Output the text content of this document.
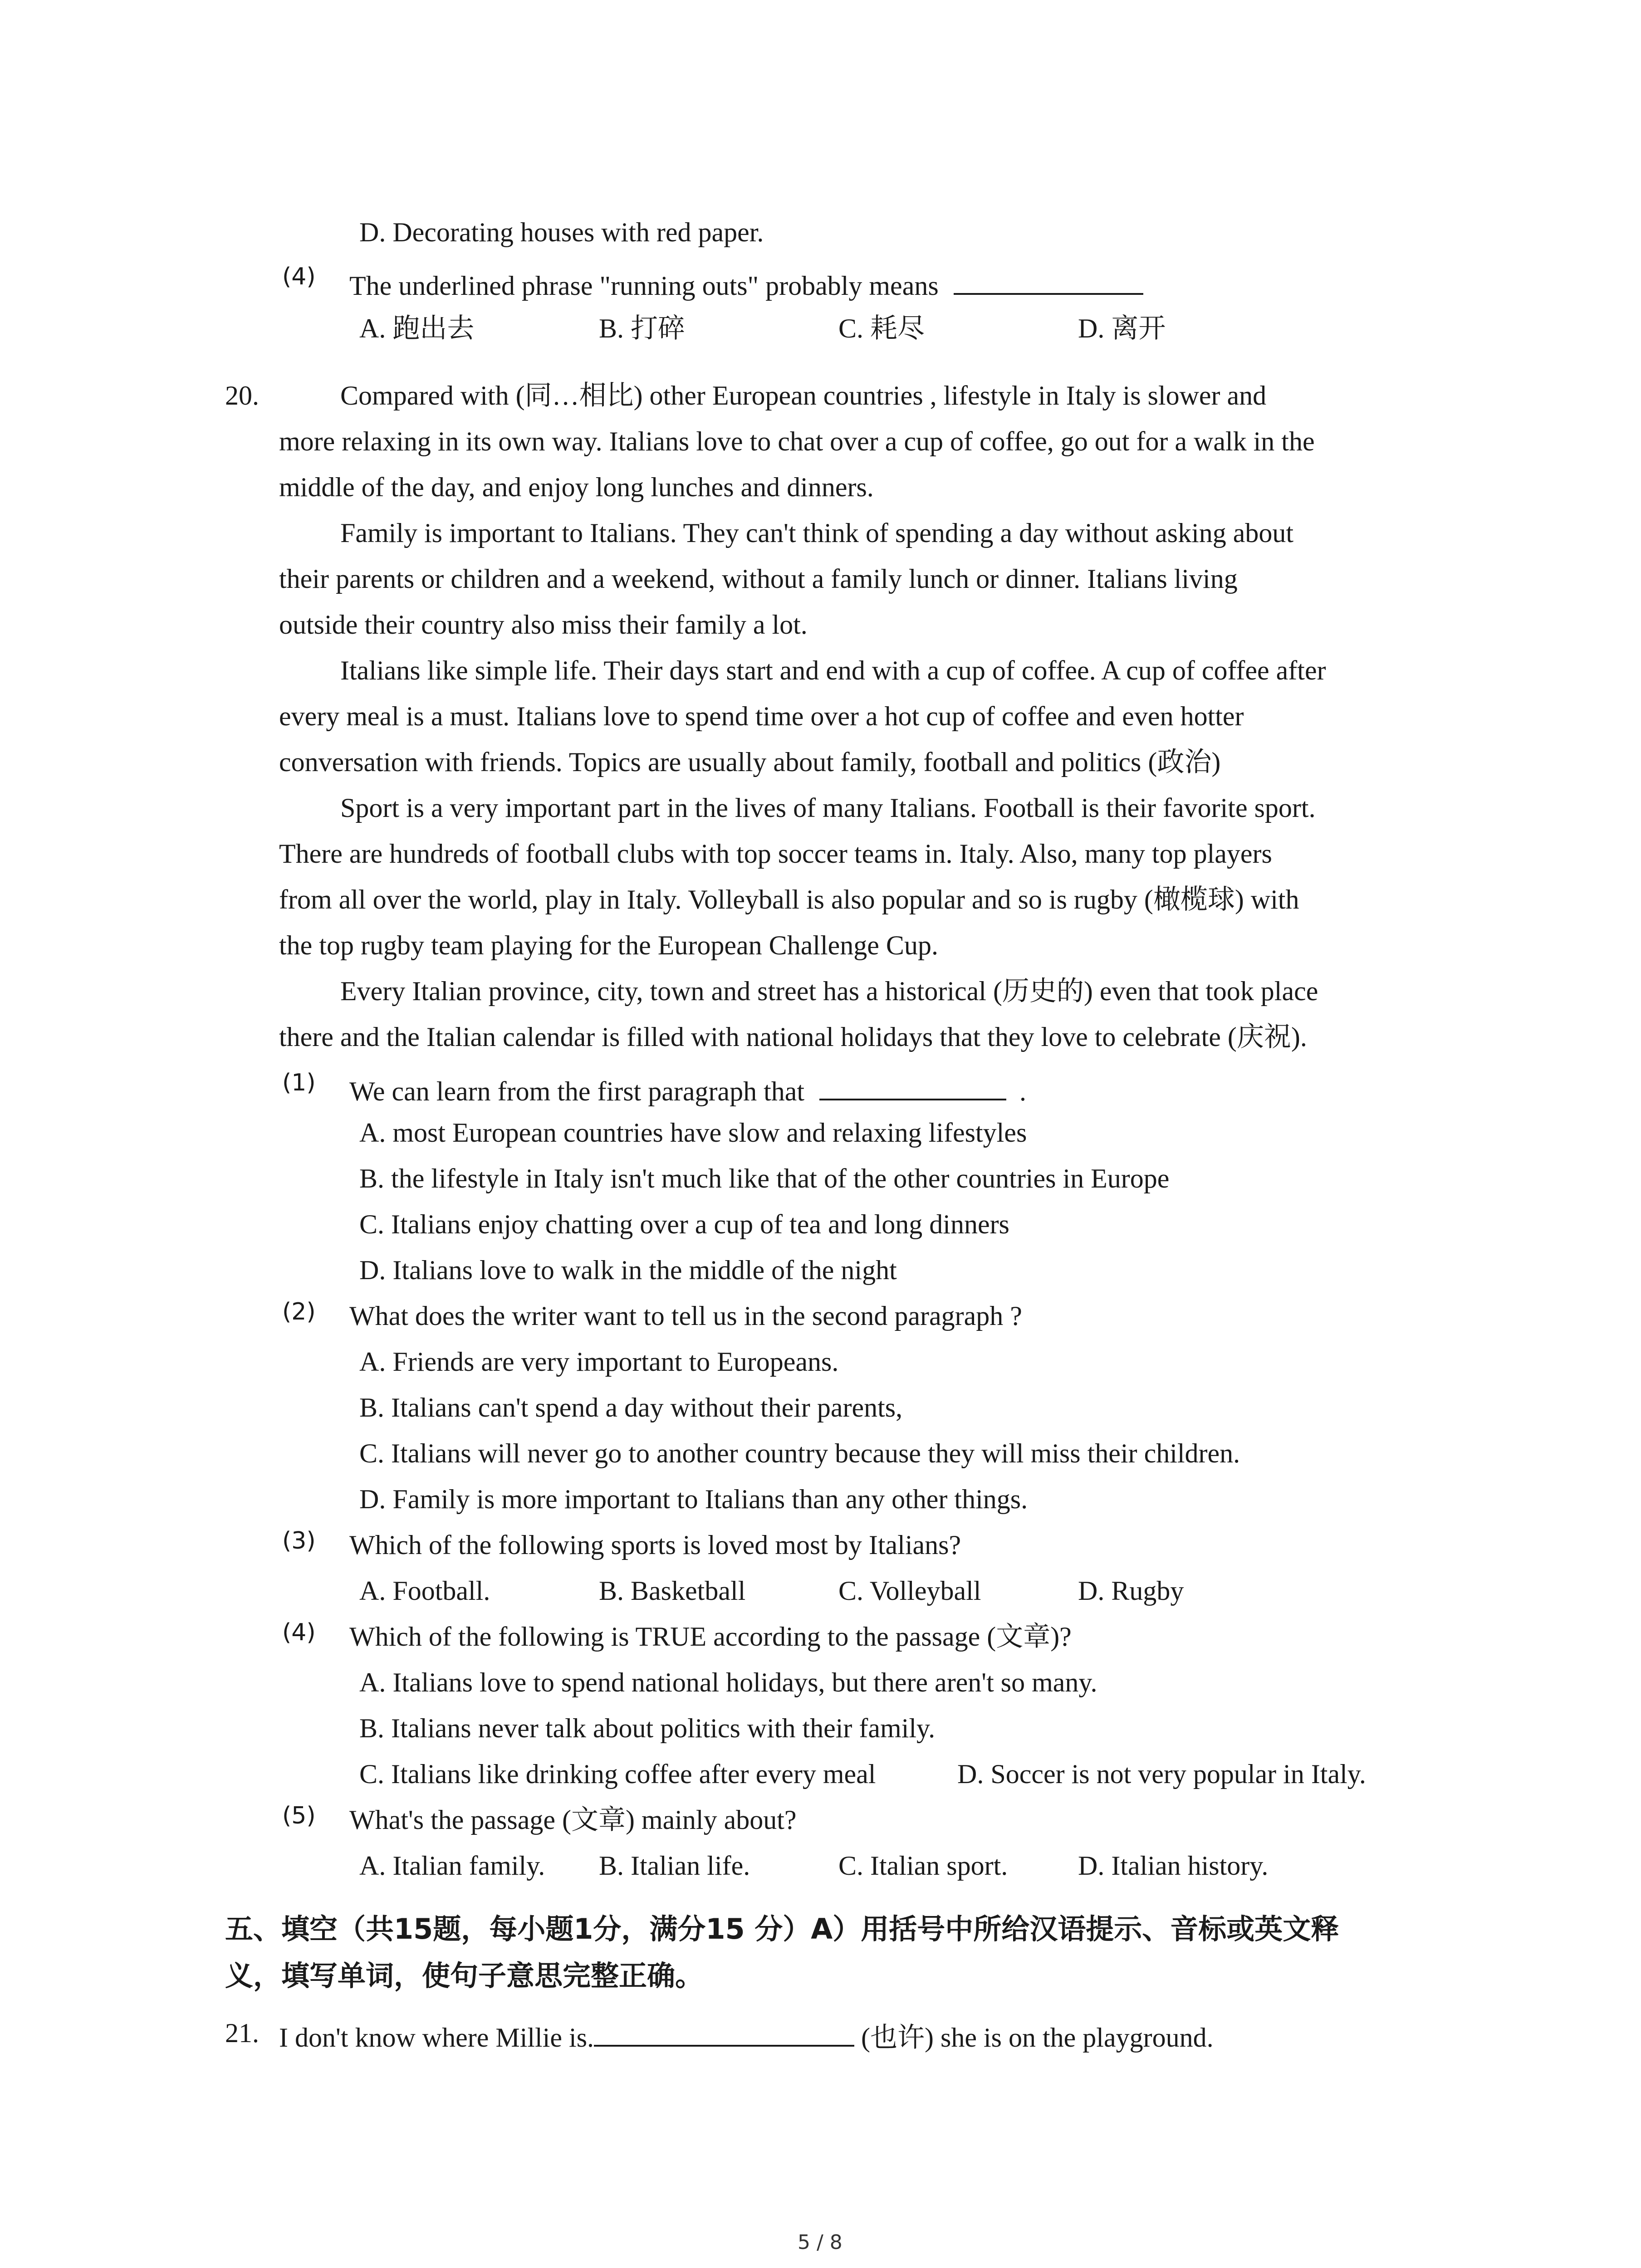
D. Decorating houses with red paper.
(4) The underlined phrase "running outs" probably means
A. 跑出去	B. 打碎	C. 耗尽	D. 离开
20.	Compared with (同…相比) other European countries , lifestyle in Italy is slower and
more relaxing in its own way. Italians love to chat over a cup of coffee, go out for a walk in the
middle of the day, and enjoy long lunches and dinners.
Family is important to Italians. They can't think of spending a day without asking about
their parents or children and a weekend, without a family lunch or dinner. Italians living
outside their country also miss their family a lot.
Italians like simple life. Their days start and end with a cup of coffee. A cup of coffee after
every meal is a must. Italians love to spend time over a hot cup of coffee and even hotter
conversation with friends. Topics are usually about family, football and politics (政治)
Sport is a very important part in the lives of many Italians. Football is their favorite sport.
There are hundreds of football clubs with top soccer teams in. Italy. Also, many top players
from all over the world, play in Italy. Volleyball is also popular and so is rugby (橄榄球) with
the top rugby team playing for the European Challenge Cup.
Every Italian province, city, town and street has a historical (历史的) even that took place
there and the Italian calendar is filled with national holidays that they love to celebrate (庆祝).
(1) We can learn from the first paragraph that	.
A. most European countries have slow and relaxing lifestyles
B. the lifestyle in Italy isn't much like that of the other countries in Europe
C. Italians enjoy chatting over a cup of tea and long dinners
D. Italians love to walk in the middle of the night
(2) What does the writer want to tell us in the second paragraph ?
A. Friends are very important to Europeans.
B. Italians can't spend a day without their parents,
C. Italians will never go to another country because they will miss their children.
D. Family is more important to Italians than any other things.
(3) Which of the following sports is loved most by Italians?
A. Football.	B. Basketball	C. Volleyball	D. Rugby
(4) Which of the following is TRUE according to the passage (文章)?
A. Italians love to spend national holidays, but there aren't so many.
B. Italians never talk about politics with their family.
C. Italians like drinking coffee after every meal	D. Soccer is not very popular in Italy.
(5) What's the passage (文章) mainly about?
A. Italian family. B. Italian life.	C. Italian sport.	D. Italian history.
五、填空（共15题，每小题1分，满分15 分）A）用括号中所给汉语提示、音标或英文释
义，填写单词，使句子意思完整正确。
21. I don't know where Millie is.	(也许) she is on the playground.
5 / 8
